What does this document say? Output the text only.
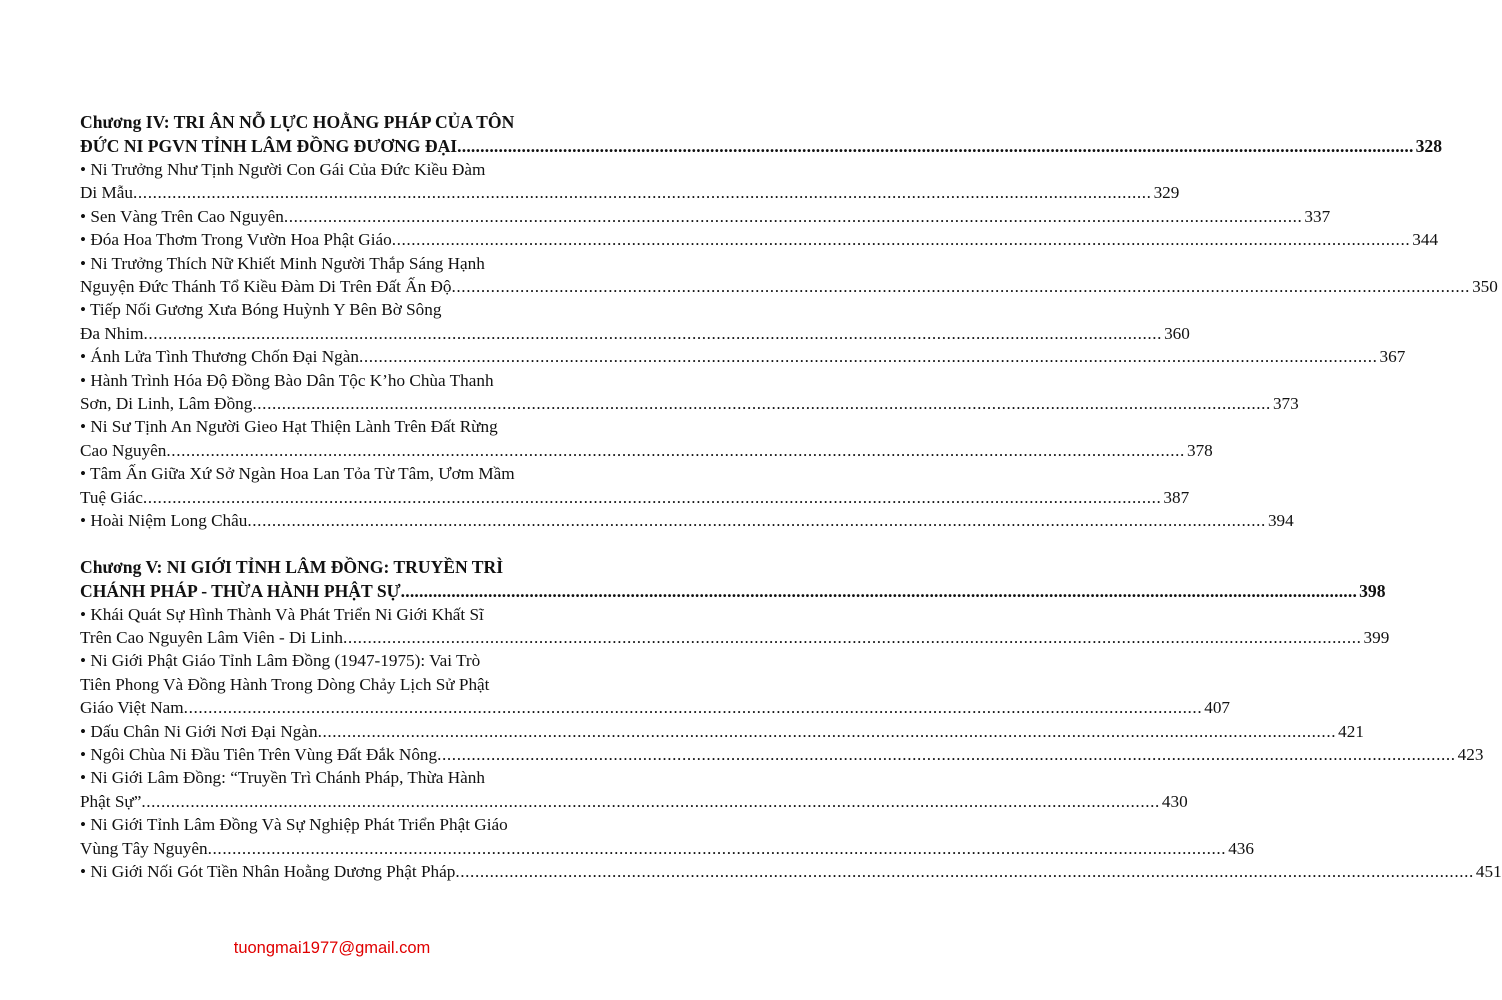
Chương IV: TRI ÂN NỖ LỰC HOẰNG PHÁP CỦA TÔN
ĐỨC NI PGVN TỈNH LÂM ĐỒNG ĐƯƠNG ĐẠI .....	328
• Ni Trưởng Như Tịnh Người Con Gái Của Đức Kiều Đàm
Di Mẫu .....	329
• Sen Vàng Trên Cao Nguyên .....	337
• Đóa Hoa Thơm Trong Vườn Hoa Phật Giáo .....	344
• Ni Trưởng Thích Nữ Khiết Minh Người Thắp Sáng Hạnh
Nguyện Đức Thánh Tổ Kiều Đàm Di Trên Đất Ấn Độ .....	350
• Tiếp Nối Gương Xưa Bóng Huỳnh Y Bên Bờ Sông
Đa Nhim .....	360
• Ánh Lửa Tình Thương Chốn Đại Ngàn .....	367
• Hành Trình Hóa Độ Đồng Bào Dân Tộc K’ho Chùa Thanh
Sơn, Di Linh, Lâm Đồng .....	373
• Ni Sư Tịnh An Người Gieo Hạt Thiện Lành Trên Đất Rừng
Cao Nguyên .....	378
• Tâm Ấn Giữa Xứ Sở Ngàn Hoa Lan Tỏa Từ Tâm, Ươm Mầm
Tuệ Giác .....	387
• Hoài Niệm Long Châu .....	394
Chương V: NI GIỚI TỈNH LÂM ĐỒNG: TRUYỀN TRÌ
CHÁNH PHÁP - THỪA HÀNH PHẬT SỰ .....	398
• Khái Quát Sự Hình Thành Và Phát Triển Ni Giới Khất Sĩ
Trên Cao Nguyên Lâm Viên - Di Linh .....	399
• Ni Giới Phật Giáo Tỉnh Lâm Đồng (1947-1975): Vai Trò
Tiên Phong Và Đồng Hành Trong Dòng Chảy Lịch Sử Phật
Giáo Việt Nam .....	407
• Dấu Chân Ni Giới Nơi Đại Ngàn .....	421
• Ngôi Chùa Ni Đầu Tiên Trên Vùng Đất Đắk Nông .....	423
• Ni Giới Lâm Đồng: “Truyền Trì Chánh Pháp, Thừa Hành
Phật Sự” .....	430
• Ni Giới Tỉnh Lâm Đồng Và Sự Nghiệp Phát Triển Phật Giáo
Vùng Tây Nguyên .....	436
• Ni Giới Nối Gót Tiền Nhân Hoằng Dương Phật Pháp .....	451
tuongmai1977@gmail.com
